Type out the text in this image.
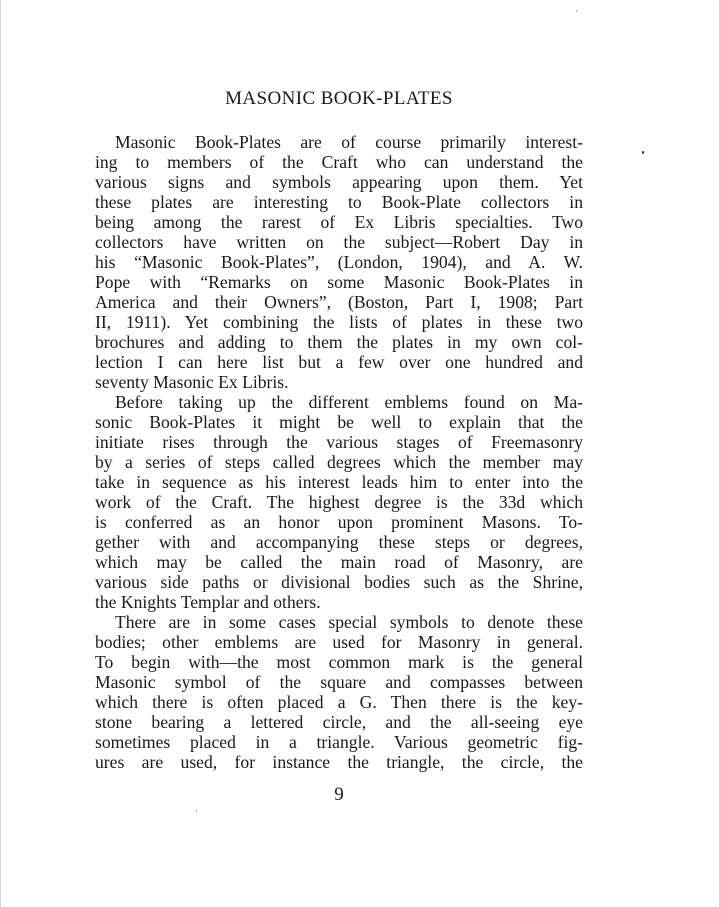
MASONIC BOOK-PLATES
Masonic Book-Plates are of course primarily interest-
ing to members of the Craft who can understand the
various signs and symbols appearing upon them. Yet
these plates are interesting to Book-Plate collectors in
being among the rarest of Ex Libris specialties. Two
collectors have written on the subject—Robert Day in
his “Masonic Book-Plates”, (London, 1904), and A. W.
Pope with “Remarks on some Masonic Book-Plates in
America and their Owners”, (Boston, Part I, 1908; Part
II, 1911). Yet combining the lists of plates in these two
brochures and adding to them the plates in my own col-
lection I can here list but a few over one hundred and
seventy Masonic Ex Libris.
Before taking up the different emblems found on Ma-
sonic Book-Plates it might be well to explain that the
initiate rises through the various stages of Freemasonry
by a series of steps called degrees which the member may
take in sequence as his interest leads him to enter into the
work of the Craft. The highest degree is the 33d which
is conferred as an honor upon prominent Masons. To-
gether with and accompanying these steps or degrees,
which may be called the main road of Masonry, are
various side paths or divisional bodies such as the Shrine,
the Knights Templar and others.
There are in some cases special symbols to denote these
bodies; other emblems are used for Masonry in general.
To begin with—the most common mark is the general
Masonic symbol of the square and compasses between
which there is often placed a G. Then there is the key-
stone bearing a lettered circle, and the all-seeing eye
sometimes placed in a triangle. Various geometric fig-
ures are used, for instance the triangle, the circle, the
9
